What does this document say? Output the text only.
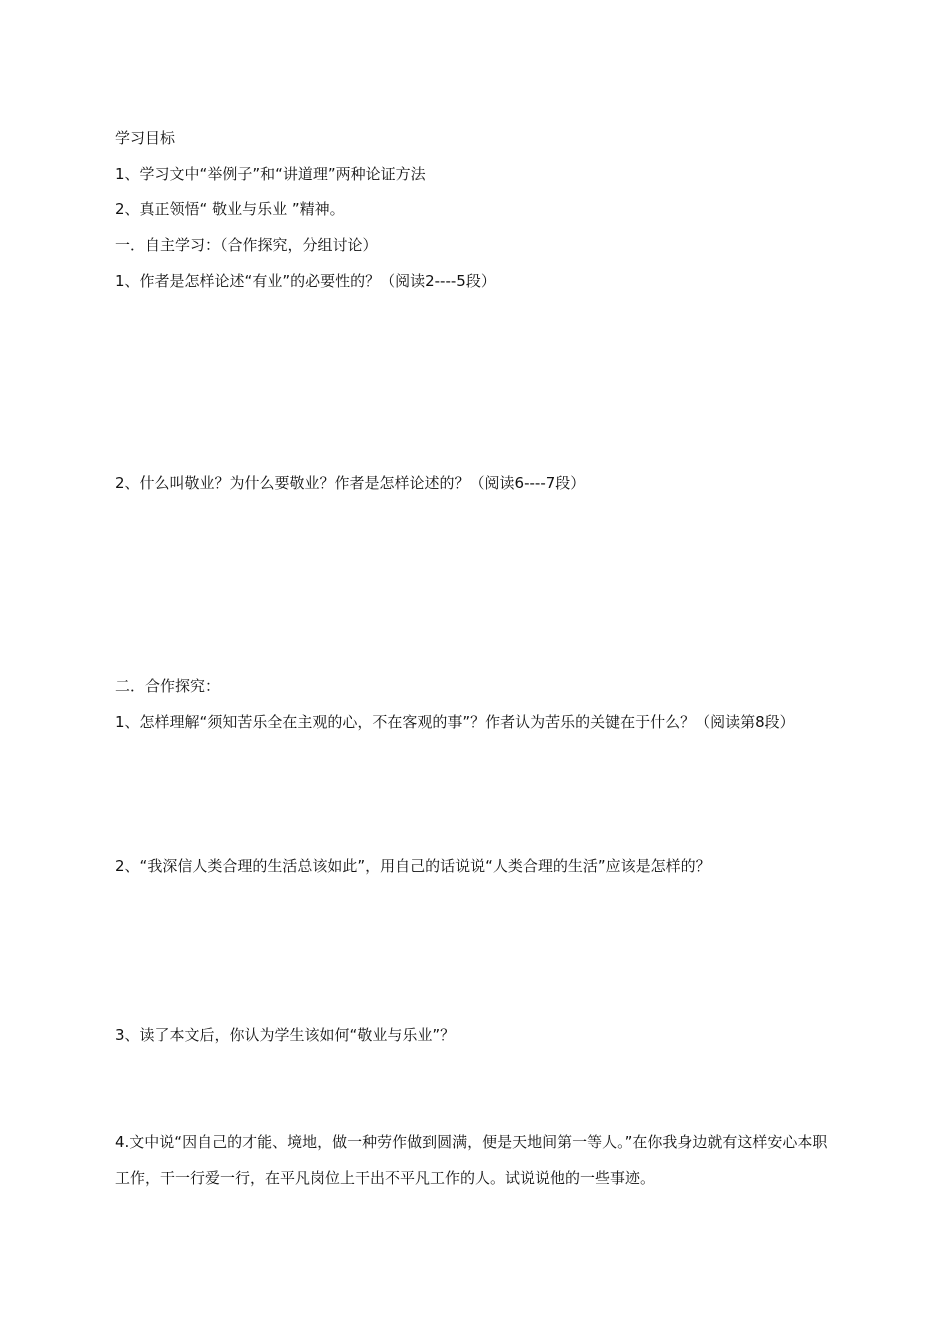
学习目标
1、学习文中“举例子”和“讲道理”两种论证方法
2、真正领悟“ 敬业与乐业 ”精神。
一．自主学习：（合作探究，分组讨论）
1、作者是怎样论述“有业”的必要性的？（阅读2----5段）
2、什么叫敬业？为什么要敬业？作者是怎样论述的？（阅读6----7段）
二．合作探究：
1、怎样理解“须知苦乐全在主观的心，不在客观的事”？作者认为苦乐的关键在于什么？（阅读第8段）
2、“我深信人类合理的生活总该如此”，用自己的话说说“人类合理的生活”应该是怎样的？
3、读了本文后，你认为学生该如何“敬业与乐业”？
4.文中说“因自己的才能、境地，做一种劳作做到圆满，便是天地间第一等人。”在你我身边就有这样安心本职工作，干一行爱一行，在平凡岗位上干出不平凡工作的人。试说说他的一些事迹。
